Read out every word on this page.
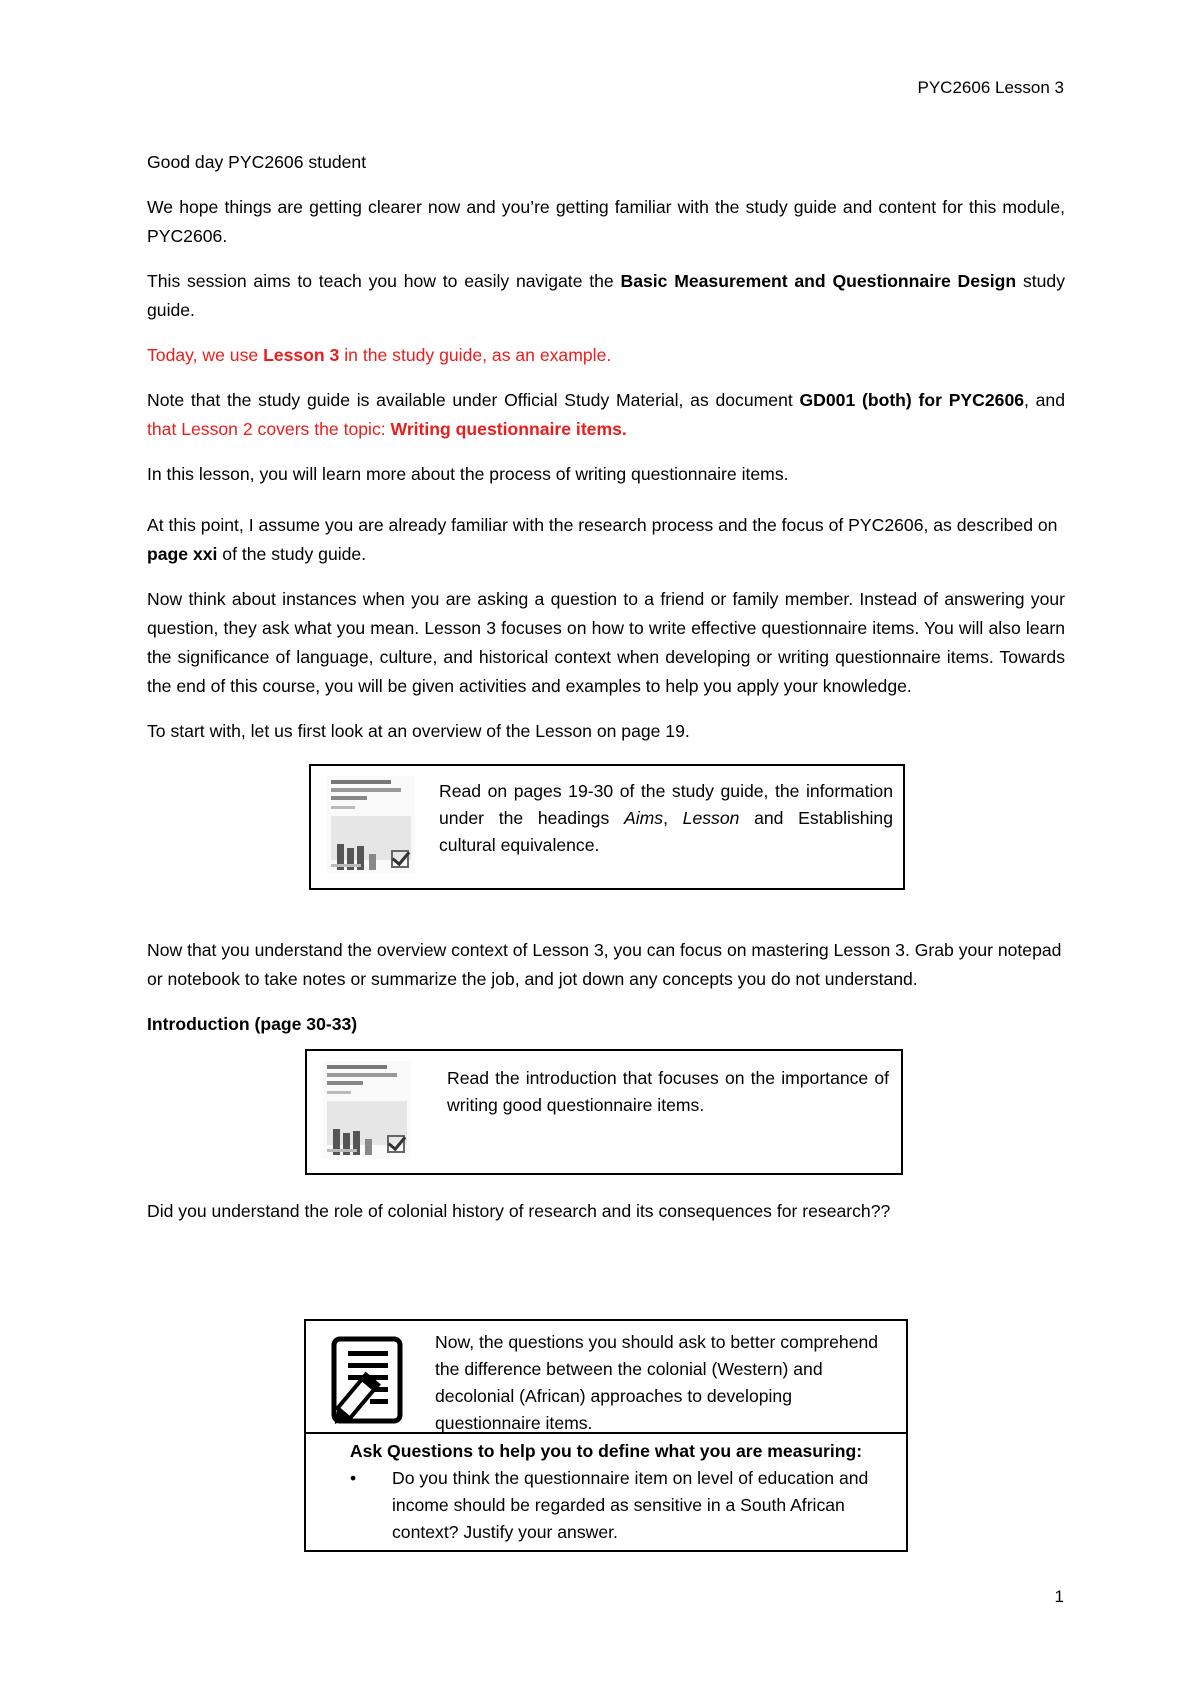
PYC2606 Lesson 3

Good day PYC2606 student

We hope things are getting clearer now and you’re getting familiar with the study guide and content for this module, PYC2606.

This session aims to teach you how to easily navigate the Basic Measurement and Questionnaire Design study guide.

Today, we use Lesson 3 in the study guide, as an example.

Note that the study guide is available under Official Study Material, as document GD001 (both) for PYC2606, and that Lesson 2 covers the topic: Writing questionnaire items.

In this lesson, you will learn more about the process of writing questionnaire items.

At this point, I assume you are already familiar with the research process and the focus of PYC2606, as described on page xxi of the study guide.

Now think about instances when you are asking a question to a friend or family member. Instead of answering your question, they ask what you mean. Lesson 3 focuses on how to write effective questionnaire items. You will also learn the significance of language, culture, and historical context when developing or writing questionnaire items. Towards the end of this course, you will be given activities and examples to help you apply your knowledge.

To start with, let us first look at an overview of the Lesson on page 19.

Read on pages 19-30 of the study guide, the information under the headings Aims, Lesson and Establishing cultural equivalence.

Now that you understand the overview context of Lesson 3, you can focus on mastering Lesson 3. Grab your notepad or notebook to take notes or summarize the job, and jot down any concepts you do not understand.

Introduction (page 30-33)

Read the introduction that focuses on the importance of writing good questionnaire items.

Did you understand the role of colonial history of research and its consequences for research??

Now, the questions you should ask to better comprehend the difference between the colonial (Western) and decolonial (African) approaches to developing questionnaire items.
Ask Questions to help you to define what you are measuring:
• Do you think the questionnaire item on level of education and income should be regarded as sensitive in a South African context? Justify your answer.
1
